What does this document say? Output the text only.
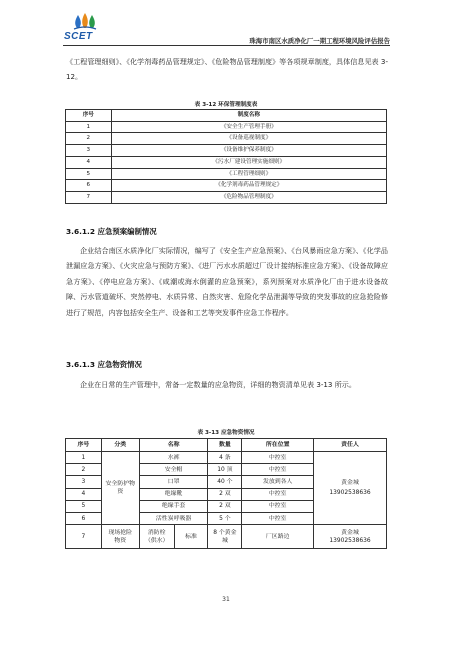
SCET	珠海市南区水质净化厂一期工程环境风险评估报告

《工程管理细则》、《化学剂毒药品管理规定》、《危险物品管理制度》等各项规章制度，具体信息见表 3-12。

表 3-12 环保管理制度表

序号	制度名称
1	《安全生产管理手册》
2	《设备巡视制度》
3	《设备维护保养制度》
4	《污水厂建设管理实施细则》
5	《工程管理细则》
6	《化学剂毒药品管理规定》
7	《危险物品管理制度》

3.6.1.2 应急预案编制情况

企业结合南区水质净化厂实际情况，编写了《安全生产应急预案》、《台风暴雨应急方案》、《化学品泄漏应急方案》、《火灾应急与预防方案》、《进厂污水水质超过厂设计接纳标准应急方案》、《设备故障应急方案》、《停电应急方案》、《咸潮或海水倒灌的应急预案》，系列预案对水质净化厂由于进水设备故障、污水管道破坏、突然停电、水质异常、自然灾害、危险化学品泄漏等导致的突发事故的应急抢险修进行了规范，内容包括安全生产、设备和工艺等突发事件应急工作程序。

3.6.1.3 应急物资情况

企业在日常的生产管理中，常备一定数量的应急物资，详细的物资清单见表 3-13 所示。

表 3-13 应急物资情况

序号	分类	名称		数量	所在位置	责任人
1	安全防护物资	水裤		4 条	中控室	黄金城 13902538636
2		安全帽		10 顶	中控室	
3		口罩		40 个	发放到各人	
4		绝缘靴		2 双	中控室	
5		绝缘手套		2 双	中控室	
6		活性炭呼吸器		5 个	中控室	
7	现场抢险物资	消防栓（供水）	标准	8 个黄金城	厂区路边	黄金城 13902538636
31
